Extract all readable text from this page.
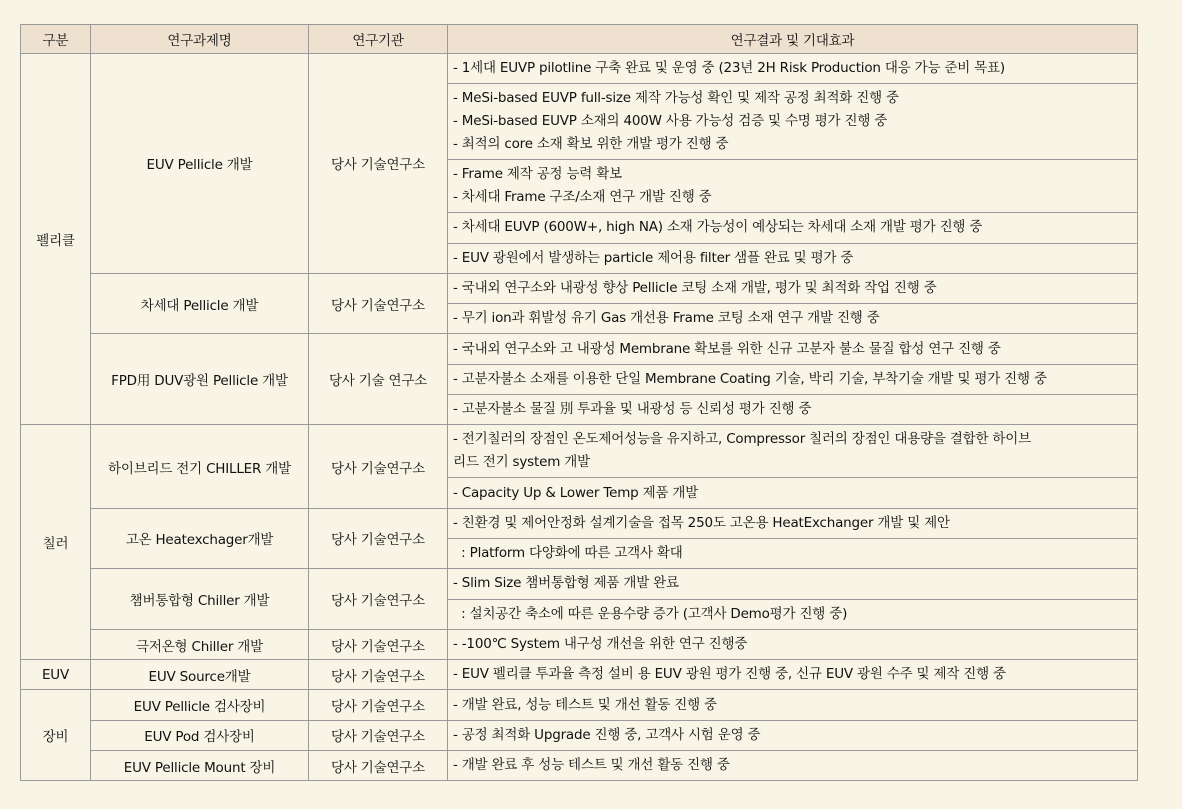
구분	연구과제명	연구기관	연구결과 및 기대효과
펠리클	EUV Pellicle 개발	당사 기술연구소	- 1세대 EUVP pilotline 구축 완료 및 운영 중 (23년 2H Risk Production 대응 가능 준비 목표)

			- MeSi-based EUVP full-size 제작 가능성 확인 및 제작 공정 최적화 진행 중
- MeSi-based EUVP 소재의 400W 사용 가능성 검증 및 수명 평가 진행 중
- 최적의 core 소재 확보 위한 개발 평가 진행 중

			- Frame 제작 공정 능력 확보
- 차세대 Frame 구조/소재 연구 개발 진행 중

			- 차세대 EUVP (600W+, high NA) 소재 가능성이 예상되는 차세대 소재 개발 평가 진행 중

			- EUV 광원에서 발생하는 particle 제어용 filter 샘플 완료 및 평가 중

	차세대 Pellicle 개발	당사 기술연구소	- 국내외 연구소와 내광성 향상 Pellicle 코팅 소재 개발, 평가 및 최적화 작업 진행 중

			- 무기 ion과 휘발성 유기 Gas 개선용 Frame 코팅 소재 연구 개발 진행 중

	FPD用 DUV광원 Pellicle 개발	당사 기술 연구소	- 국내외 연구소와 고 내광성 Membrane 확보를 위한 신규 고분자 불소 물질 합성 연구 진행 중

			- 고분자불소 소재를 이용한 단일 Membrane Coating 기술, 박리 기술, 부착기술 개발 및 평가 진행 중

			- 고분자불소 물질 別 투과율 및 내광성 등 신뢰성 평가 진행 중

칠러	하이브리드 전기 CHILLER 개발	당사 기술연구소	- 전기칠러의 장점인 온도제어성능을 유지하고, Compressor 칠러의 장점인 대용량을 결합한 하이브
리드 전기 system 개발

			- Capacity Up & Lower Temp 제품 개발

	고온 Heatexchager개발	당사 기술연구소	- 친환경 및 제어안정화 설계기술을 접목 250도 고온용 HeatExchanger 개발 및 제안

			: Platform 다양화에 따른 고객사 확대

	챔버통합형 Chiller 개발	당사 기술연구소	- Slim Size 챔버통합형 제품 개발 완료

			: 설치공간 축소에 따른 운용수량 증가 (고객사 Demo평가 진행 중)

	극저온형 Chiller 개발	당사 기술연구소	- -100℃ System 내구성 개선을 위한 연구 진행중

EUV	EUV Source개발	당사 기술연구소	- EUV 펠리클 투과율 측정 설비 용 EUV 광원 평가 진행 중, 신규 EUV 광원 수주 및 제작 진행 중

장비	EUV Pellicle 검사장비	당사 기술연구소	- 개발 완료, 성능 테스트 및 개선 활동 진행 중

	EUV Pod 검사장비	당사 기술연구소	- 공정 최적화 Upgrade 진행 중, 고객사 시험 운영 중

	EUV Pellicle Mount 장비	당사 기술연구소	- 개발 완료 후 성능 테스트 및 개선 활동 진행 중
